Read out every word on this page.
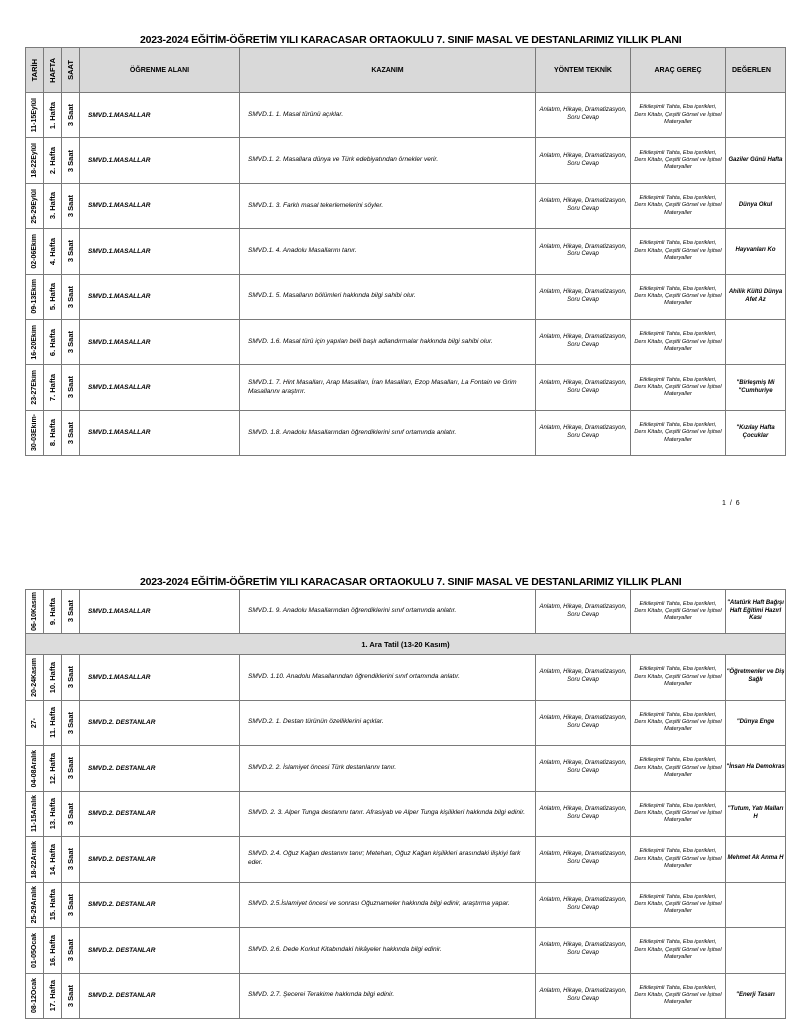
2023-2024 EĞİTİM-ÖĞRETİM YILI KARACASAR ORTAOKULU 7. SINIF MASAL VE DESTANLARIMIZ YILLIK PLANI
TARİH	HAFTA	SAAT	ÖĞRENME ALANI	KAZANIM	YÖNTEM TEKNİK	ARAÇ GEREÇ	DEĞERLEN

11-15Eylül	1. Hafta	3 Saat	SMVD.1.MASALLAR	SMVD.1. 1. Masal türünü açıklar.	Anlatım, Hikaye, Dramatizasyon, Soru Cevap	Etkileşimli Tahta, Eba içerikleri, Ders Kitabı, Çeşitli Görsel ve İşitsel Materyaller	

18-22Eylül	2. Hafta	3 Saat	SMVD.1.MASALLAR	SMVD.1. 2. Masallara dünya ve Türk edebiyatından örnekler verir.	Anlatım, Hikaye, Dramatizasyon, Soru Cevap	Etkileşimli Tahta, Eba içerikleri, Ders Kitabı, Çeşitli Görsel ve İşitsel Materyaller	Gaziler Günü Hafta

25-29Eylül	3. Hafta	3 Saat	SMVD.1.MASALLAR	SMVD.1. 3. Farklı masal tekerlemelerini söyler.	Anlatım, Hikaye, Dramatizasyon, Soru Cevap	Etkileşimli Tahta, Eba içerikleri, Ders Kitabı, Çeşitli Görsel ve İşitsel Materyaller	Dünya Okul

02-06Ekim	4. Hafta	3 Saat	SMVD.1.MASALLAR	SMVD.1. 4. Anadolu Masallarını tanır.	Anlatım, Hikaye, Dramatizasyon, Soru Cevap	Etkileşimli Tahta, Eba içerikleri, Ders Kitabı, Çeşitli Görsel ve İşitsel Materyaller	Hayvanları Ko

09-13Ekim	5. Hafta	3 Saat	SMVD.1.MASALLAR	SMVD.1. 5. Masalların bölümleri hakkında bilgi sahibi olur.	Anlatım, Hikaye, Dramatizasyon, Soru Cevap	Etkileşimli Tahta, Eba içerikleri, Ders Kitabı, Çeşitli Görsel ve İşitsel Materyaller	Ahilik Kültü Dünya Afet Az

16-20Ekim	6. Hafta	3 Saat	SMVD.1.MASALLAR	SMVD. 1.6. Masal türü için yapılan belli başlı adlandırmalar hakkında bilgi sahibi olur.	Anlatım, Hikaye, Dramatizasyon, Soru Cevap	Etkileşimli Tahta, Eba içerikleri, Ders Kitabı, Çeşitli Görsel ve İşitsel Materyaller	

23-27Ekim	7. Hafta	3 Saat	SMVD.1.MASALLAR	SMVD.1. 7. Hint Masalları, Arap Masalları, İran Masalları, Ezop Masalları, La Fontain ve Grim Masallarını araştırır.	Anlatım, Hikaye, Dramatizasyon, Soru Cevap	Etkileşimli Tahta, Eba içerikleri, Ders Kitabı, Çeşitli Görsel ve İşitsel Materyaller	"Birleşmiş Mi "Cumhuriye

30-03Ekim-	8. Hafta	3 Saat	SMVD.1.MASALLAR	SMVD. 1.8. Anadolu Masallarından öğrendiklerini sınıf ortamında anlatır.	Anlatım, Hikaye, Dramatizasyon, Soru Cevap	Etkileşimli Tahta, Eba içerikleri, Ders Kitabı, Çeşitli Görsel ve İşitsel Materyaller	"Kızılay Hafta Çocuklar
1 / 6
2023-2024 EĞİTİM-ÖĞRETİM YILI KARACASAR ORTAOKULU 7. SINIF MASAL VE DESTANLARIMIZ YILLIK PLANI
06-10Kasım	9. Hafta	3 Saat	SMVD.1.MASALLAR	SMVD.1. 9. Anadolu Masallarından öğrendiklerini sınıf ortamında anlatır.	Anlatım, Hikaye, Dramatizasyon, Soru Cevap	Etkileşimli Tahta, Eba içerikleri, Ders Kitabı, Çeşitli Görsel ve İşitsel Materyaller	"Atatürk Haft Bağışı Haft Eğitimi Hazırl Kası
1. Ara Tatil (13-20 Kasım)							

20-24Kasım	10. Hafta	3 Saat	SMVD.1.MASALLAR	SMVD. 1.10. Anadolu Masallarından öğrendiklerini sınıf ortamında anlatır.	Anlatım, Hikaye, Dramatizasyon, Soru Cevap	Etkileşimli Tahta, Eba içerikleri, Ders Kitabı, Çeşitli Görsel ve İşitsel Materyaller	"Öğretmenler ve Diş Sağlı

27-	11. Hafta	3 Saat	SMVD.2. DESTANLAR	SMVD.2. 1. Destan türünün özelliklerini açıklar.	Anlatım, Hikaye, Dramatizasyon, Soru Cevap	Etkileşimli Tahta, Eba içerikleri, Ders Kitabı, Çeşitli Görsel ve İşitsel Materyaller	"Dünya Enge

04-08Aralık	12. Hafta	3 Saat	SMVD.2. DESTANLAR	SMVD.2. 2. İslamiyet öncesi Türk destanlarını tanır.	Anlatım, Hikaye, Dramatizasyon, Soru Cevap	Etkileşimli Tahta, Eba içerikleri, Ders Kitabı, Çeşitli Görsel ve İşitsel Materyaller	"İnsan Ha Demokras

11-15Aralık	13. Hafta	3 Saat	SMVD.2. DESTANLAR	SMVD. 2. 3. Alper Tunga destanını tanır. Afrasiyab ve Alper Tunga kişilikleri hakkında bilgi edinir.	Anlatım, Hikaye, Dramatizasyon, Soru Cevap	Etkileşimli Tahta, Eba içerikleri, Ders Kitabı, Çeşitli Görsel ve İşitsel Materyaller	"Tutum, Yatı Malları H

18-22Aralık	14. Hafta	3 Saat	SMVD.2. DESTANLAR	SMVD. 2.4. Oğuz Kağan destanını tanır; Metehan, Oğuz Kağan kişilikleri arasındaki ilişkiyi fark eder.	Anlatım, Hikaye, Dramatizasyon, Soru Cevap	Etkileşimli Tahta, Eba içerikleri, Ders Kitabı, Çeşitli Görsel ve İşitsel Materyaller	Mehmet Ak Anma H

25-29Aralık	15. Hafta	3 Saat	SMVD.2. DESTANLAR	SMVD. 2.5.İslamiyet öncesi ve sonrası Oğuznameler hakkında bilgi edinir, araştırma yapar.	Anlatım, Hikaye, Dramatizasyon, Soru Cevap	Etkileşimli Tahta, Eba içerikleri, Ders Kitabı, Çeşitli Görsel ve İşitsel Materyaller	

01-05Ocak	16. Hafta	3 Saat	SMVD.2. DESTANLAR	SMVD. 2.6. Dede Korkut Kitabındaki hikâyeler hakkında bilgi edinir.	Anlatım, Hikaye, Dramatizasyon, Soru Cevap	Etkileşimli Tahta, Eba içerikleri, Ders Kitabı, Çeşitli Görsel ve İşitsel Materyaller	

08-12Ocak	17. Hafta	3 Saat	SMVD.2. DESTANLAR	SMVD. 2.7. Şecerei Terakime hakkında bilgi edinir.	Anlatım, Hikaye, Dramatizasyon, Soru Cevap	Etkileşimli Tahta, Eba içerikleri, Ders Kitabı, Çeşitli Görsel ve İşitsel Materyaller	"Enerji Tasarı
